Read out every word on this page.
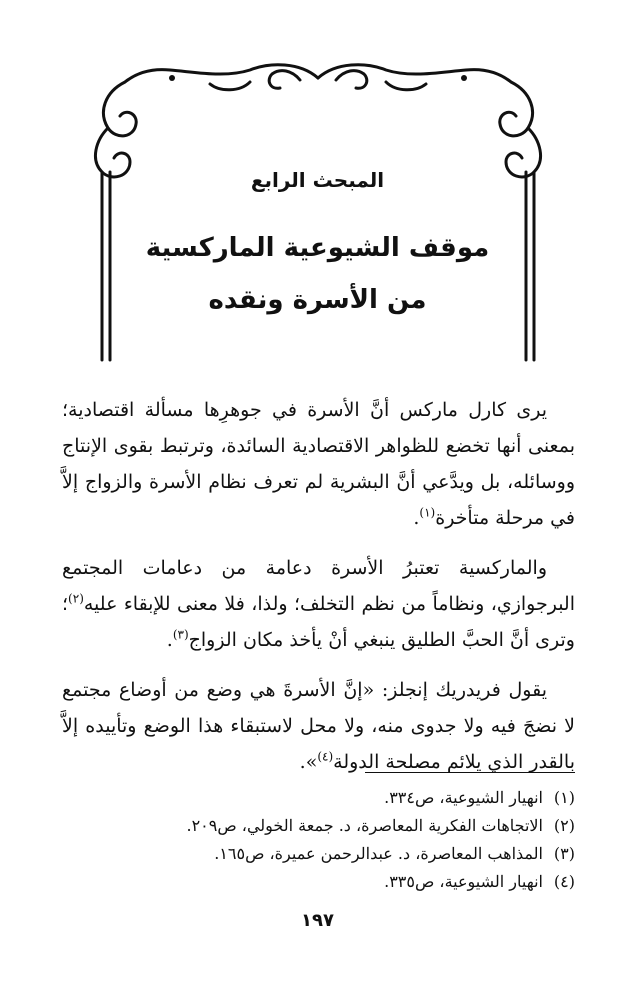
المبحث الرابع
موقف الشيوعية الماركسية
من الأسرة ونقده

يرى كارل ماركس أنَّ الأسرة في جوهرِها مسألة اقتصادية؛ بمعنى أنها تخضع للظواهر الاقتصادية السائدة، وترتبط بقوى الإنتاج ووسائله، بل ويدَّعي أنَّ البشرية لم تعرف نظام الأسرة والزواج إلاَّ في مرحلة متأخرة$^{(١)}$.

والماركسية تعتبرُ الأسرة دعامة من دعامات المجتمع البرجوازي، ونظاماً من نظم التخلف؛ ولذا، فلا معنى للإبقاء عليه$^{(٢)}$؛ وترى أنَّ الحبَّ الطليق ينبغي أنْ يأخذ مكان الزواج$^{(٣)}$.

يقول فريدريك إنجلز: «إنَّ الأسرةَ هي وضع من أوضاع مجتمع لا نضجَ فيه ولا جدوى منه، ولا محل لاستبقاء هذا الوضع وتأييده إلاَّ بالقدر الذي يلائم مصلحة الدولة$^{(٤)}$».

(١)انهيار الشيوعية، ص٣٣٤.
(٢)الاتجاهات الفكرية المعاصرة، د. جمعة الخولي، ص٢٠٩.
(٣)المذاهب المعاصرة، د. عبدالرحمن عميرة، ص١٦٥.
(٤)انهيار الشيوعية، ص٣٣٥.
١٩٧
